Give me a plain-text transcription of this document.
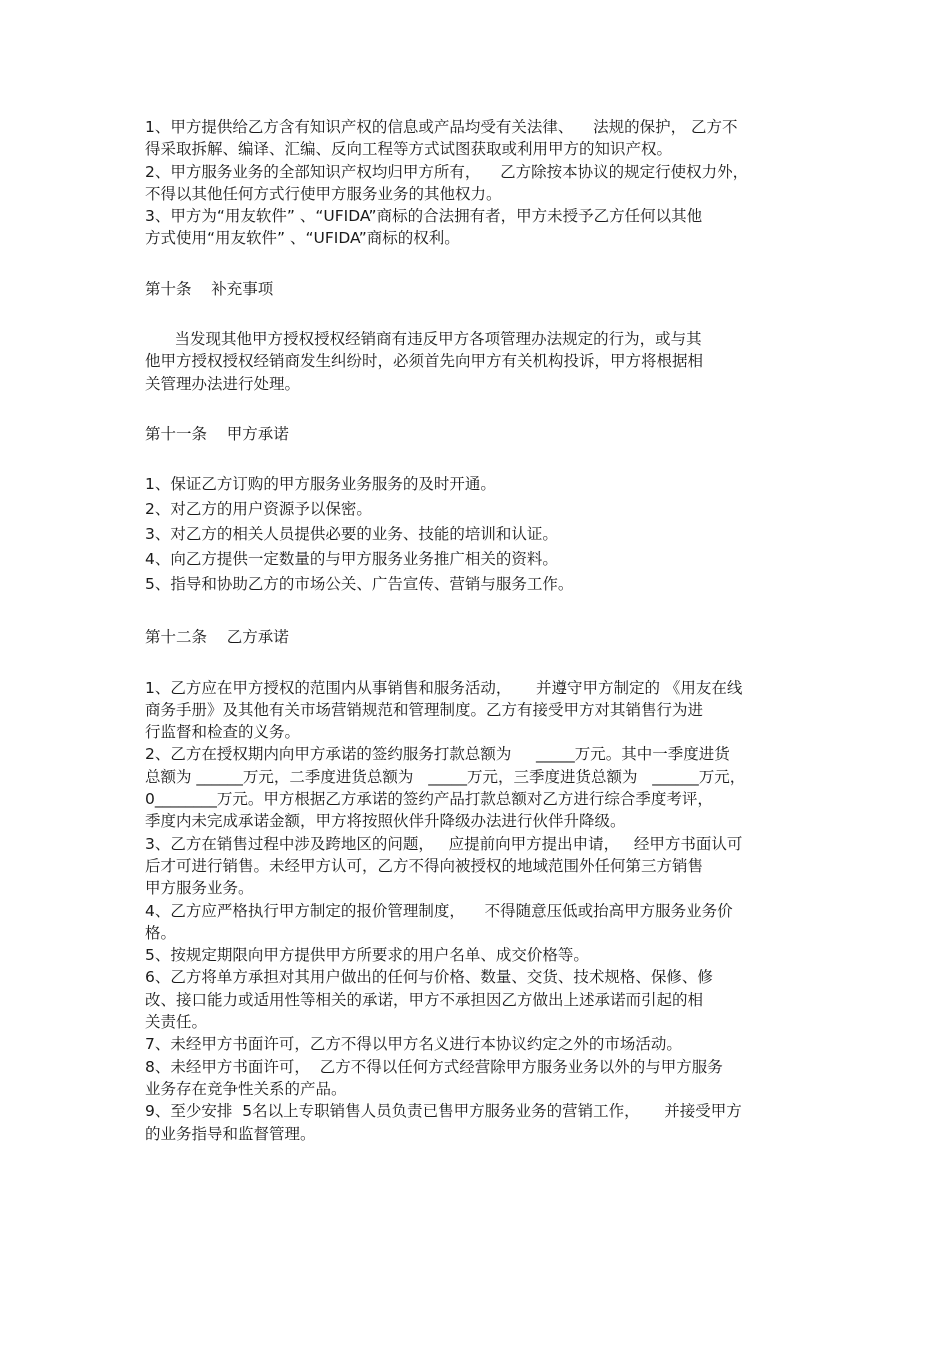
1、甲方提供给乙方含有知识产权的信息或产品均受有关法律、    法规的保护， 乙方不
得采取拆解、编译、汇编、反向工程等方式试图获取或利用甲方的知识产权。
2、甲方服务业务的全部知识产权均归甲方所有，    乙方除按本协议的规定行使权力外，
不得以其他任何方式行使甲方服务业务的其他权力。
3、甲方为“用友软件” 、“UFIDA”商标的合法拥有者，甲方未授予乙方任何以其他
方式使用“用友软件” 、“UFIDA”商标的权利。
第十条    补充事项
当发现其他甲方授权授权经销商有违反甲方各项管理办法规定的行为，或与其
他甲方授权授权经销商发生纠纷时，必须首先向甲方有关机构投诉，甲方将根据相
关管理办法进行处理。
第十一条    甲方承诺
1、保证乙方订购的甲方服务业务服务的及时开通。
2、对乙方的用户资源予以保密。
3、对乙方的相关人员提供必要的业务、技能的培训和认证。
4、向乙方提供一定数量的与甲方服务业务推广相关的资料。
5、指导和协助乙方的市场公关、广告宣传、营销与服务工作。
第十二条    乙方承诺
1、乙方应在甲方授权的范围内从事销售和服务活动，     并遵守甲方制定的 《用友在线
商务手册》及其他有关市场营销规范和管理制度。乙方有接受甲方对其销售行为进
行监督和检查的义务。
2、乙方在授权期内向甲方承诺的签约服务打款总额为     _____万元。其中一季度进货
总额为 ______万元，二季度进货总额为   _____万元，三季度进货总额为   ______万元，
0________万元。甲方根据乙方承诺的签约产品打款总额对乙方进行综合季度考评，
季度内未完成承诺金额，甲方将按照伙伴升降级办法进行伙伴升降级。
3、乙方在销售过程中涉及跨地区的问题，   应提前向甲方提出申请，   经甲方书面认可
后才可进行销售。未经甲方认可，乙方不得向被授权的地域范围外任何第三方销售
甲方服务业务。
4、乙方应严格执行甲方制定的报价管理制度，    不得随意压低或抬高甲方服务业务价
格。
5、按规定期限向甲方提供甲方所要求的用户名单、成交价格等。
6、乙方将单方承担对其用户做出的任何与价格、数量、交货、技术规格、保修、修
改、接口能力或适用性等相关的承诺，甲方不承担因乙方做出上述承诺而引起的相
关责任。
7、未经甲方书面许可，乙方不得以甲方名义进行本协议约定之外的市场活动。
8、未经甲方书面许可，  乙方不得以任何方式经营除甲方服务业务以外的与甲方服务
业务存在竞争性关系的产品。
9、至少安排  5名以上专职销售人员负责已售甲方服务业务的营销工作，     并接受甲方
的业务指导和监督管理。
